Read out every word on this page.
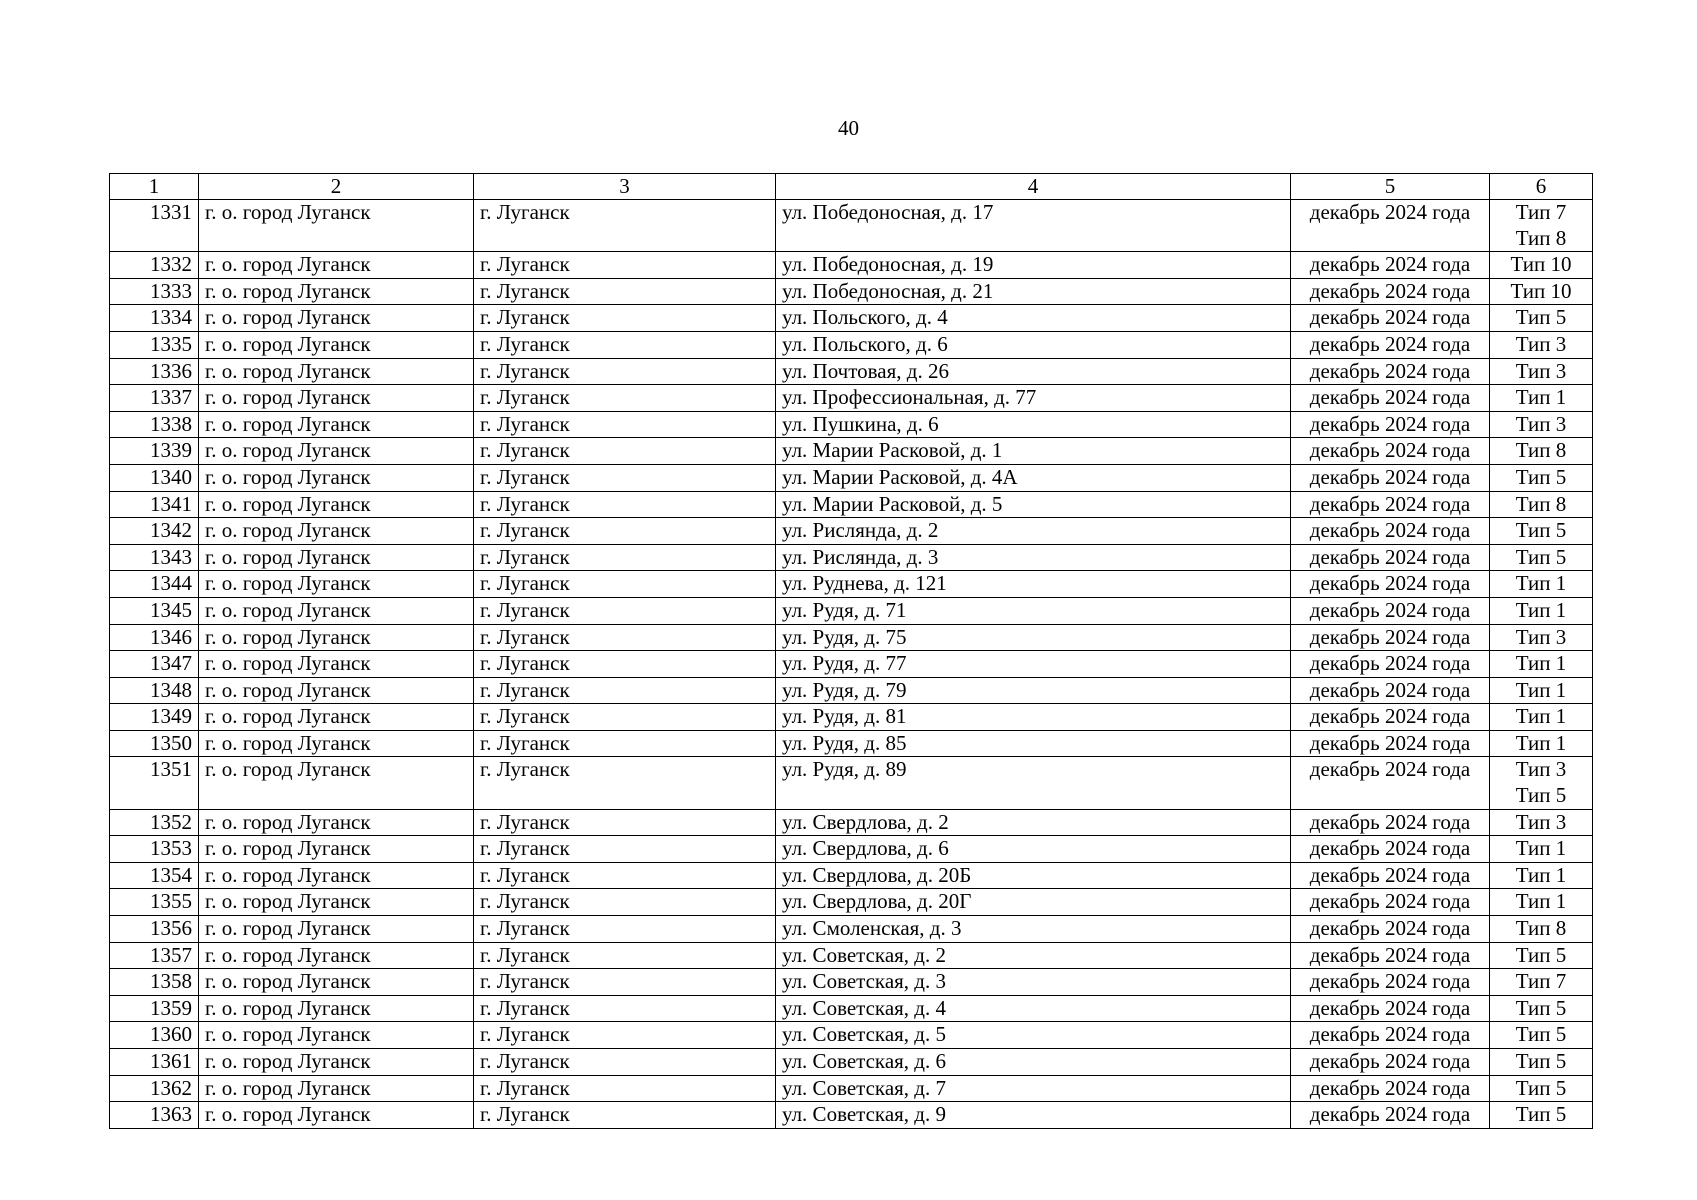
40
1	2	3	4	5	6
1331	г. о. город Луганск	г. Луганск	ул. Победоносная, д. 17	декабрь 2024 года	Тип 7
Тип 8

1332	г. о. город Луганск	г. Луганск	ул. Победоносная, д. 19	декабрь 2024 года	Тип 10

1333	г. о. город Луганск	г. Луганск	ул. Победоносная, д. 21	декабрь 2024 года	Тип 10

1334	г. о. город Луганск	г. Луганск	ул. Польского, д. 4	декабрь 2024 года	Тип 5

1335	г. о. город Луганск	г. Луганск	ул. Польского, д. 6	декабрь 2024 года	Тип 3

1336	г. о. город Луганск	г. Луганск	ул. Почтовая, д. 26	декабрь 2024 года	Тип 3

1337	г. о. город Луганск	г. Луганск	ул. Профессиональная, д. 77	декабрь 2024 года	Тип 1

1338	г. о. город Луганск	г. Луганск	ул. Пушкина, д. 6	декабрь 2024 года	Тип 3

1339	г. о. город Луганск	г. Луганск	ул. Марии Расковой, д. 1	декабрь 2024 года	Тип 8

1340	г. о. город Луганск	г. Луганск	ул. Марии Расковой, д. 4А	декабрь 2024 года	Тип 5

1341	г. о. город Луганск	г. Луганск	ул. Марии Расковой, д. 5	декабрь 2024 года	Тип 8

1342	г. о. город Луганск	г. Луганск	ул. Рислянда, д. 2	декабрь 2024 года	Тип 5

1343	г. о. город Луганск	г. Луганск	ул. Рислянда, д. 3	декабрь 2024 года	Тип 5

1344	г. о. город Луганск	г. Луганск	ул. Руднева, д. 121	декабрь 2024 года	Тип 1

1345	г. о. город Луганск	г. Луганск	ул. Рудя, д. 71	декабрь 2024 года	Тип 1

1346	г. о. город Луганск	г. Луганск	ул. Рудя, д. 75	декабрь 2024 года	Тип 3

1347	г. о. город Луганск	г. Луганск	ул. Рудя, д. 77	декабрь 2024 года	Тип 1

1348	г. о. город Луганск	г. Луганск	ул. Рудя, д. 79	декабрь 2024 года	Тип 1

1349	г. о. город Луганск	г. Луганск	ул. Рудя, д. 81	декабрь 2024 года	Тип 1

1350	г. о. город Луганск	г. Луганск	ул. Рудя, д. 85	декабрь 2024 года	Тип 1

1351	г. о. город Луганск	г. Луганск	ул. Рудя, д. 89	декабрь 2024 года	Тип 3
Тип 5

1352	г. о. город Луганск	г. Луганск	ул. Свердлова, д. 2	декабрь 2024 года	Тип 3

1353	г. о. город Луганск	г. Луганск	ул. Свердлова, д. 6	декабрь 2024 года	Тип 1

1354	г. о. город Луганск	г. Луганск	ул. Свердлова, д. 20Б	декабрь 2024 года	Тип 1

1355	г. о. город Луганск	г. Луганск	ул. Свердлова, д. 20Г	декабрь 2024 года	Тип 1

1356	г. о. город Луганск	г. Луганск	ул. Смоленская, д. 3	декабрь 2024 года	Тип 8

1357	г. о. город Луганск	г. Луганск	ул. Советская, д. 2	декабрь 2024 года	Тип 5

1358	г. о. город Луганск	г. Луганск	ул. Советская, д. 3	декабрь 2024 года	Тип 7

1359	г. о. город Луганск	г. Луганск	ул. Советская, д. 4	декабрь 2024 года	Тип 5

1360	г. о. город Луганск	г. Луганск	ул. Советская, д. 5	декабрь 2024 года	Тип 5

1361	г. о. город Луганск	г. Луганск	ул. Советская, д. 6	декабрь 2024 года	Тип 5

1362	г. о. город Луганск	г. Луганск	ул. Советская, д. 7	декабрь 2024 года	Тип 5

1363	г. о. город Луганск	г. Луганск	ул. Советская, д. 9	декабрь 2024 года	Тип 5
